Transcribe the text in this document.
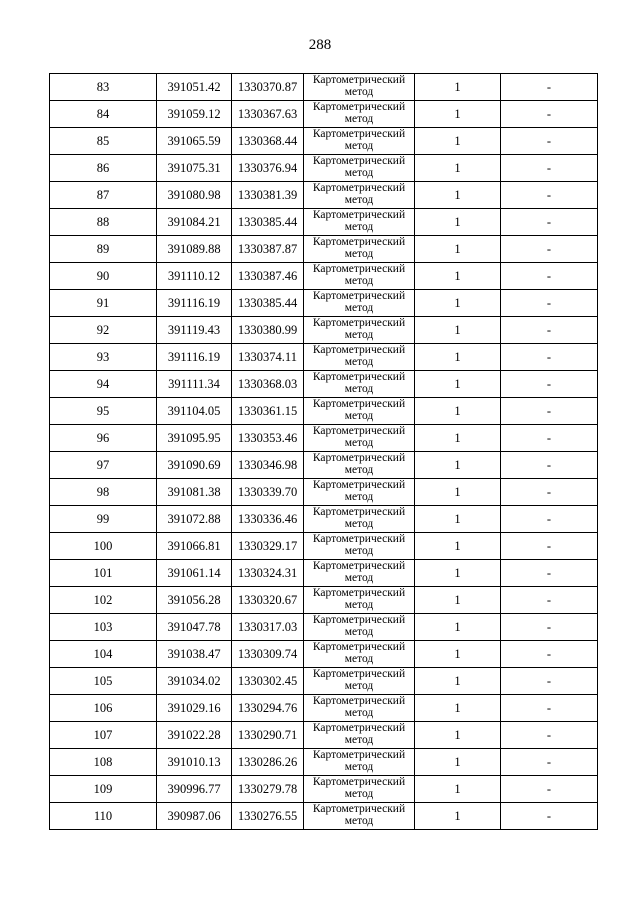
288
83	391051.42	1330370.87	Картометрический метод	1	-
84	391059.12	1330367.63	Картометрический метод	1	-
85	391065.59	1330368.44	Картометрический метод	1	-
86	391075.31	1330376.94	Картометрический метод	1	-
87	391080.98	1330381.39	Картометрический метод	1	-
88	391084.21	1330385.44	Картометрический метод	1	-
89	391089.88	1330387.87	Картометрический метод	1	-
90	391110.12	1330387.46	Картометрический метод	1	-
91	391116.19	1330385.44	Картометрический метод	1	-
92	391119.43	1330380.99	Картометрический метод	1	-
93	391116.19	1330374.11	Картометрический метод	1	-
94	391111.34	1330368.03	Картометрический метод	1	-
95	391104.05	1330361.15	Картометрический метод	1	-
96	391095.95	1330353.46	Картометрический метод	1	-
97	391090.69	1330346.98	Картометрический метод	1	-
98	391081.38	1330339.70	Картометрический метод	1	-
99	391072.88	1330336.46	Картометрический метод	1	-
100	391066.81	1330329.17	Картометрический метод	1	-
101	391061.14	1330324.31	Картометрический метод	1	-
102	391056.28	1330320.67	Картометрический метод	1	-
103	391047.78	1330317.03	Картометрический метод	1	-
104	391038.47	1330309.74	Картометрический метод	1	-
105	391034.02	1330302.45	Картометрический метод	1	-
106	391029.16	1330294.76	Картометрический метод	1	-
107	391022.28	1330290.71	Картометрический метод	1	-
108	391010.13	1330286.26	Картометрический метод	1	-
109	390996.77	1330279.78	Картометрический метод	1	-
110	390987.06	1330276.55	Картометрический метод	1	-
